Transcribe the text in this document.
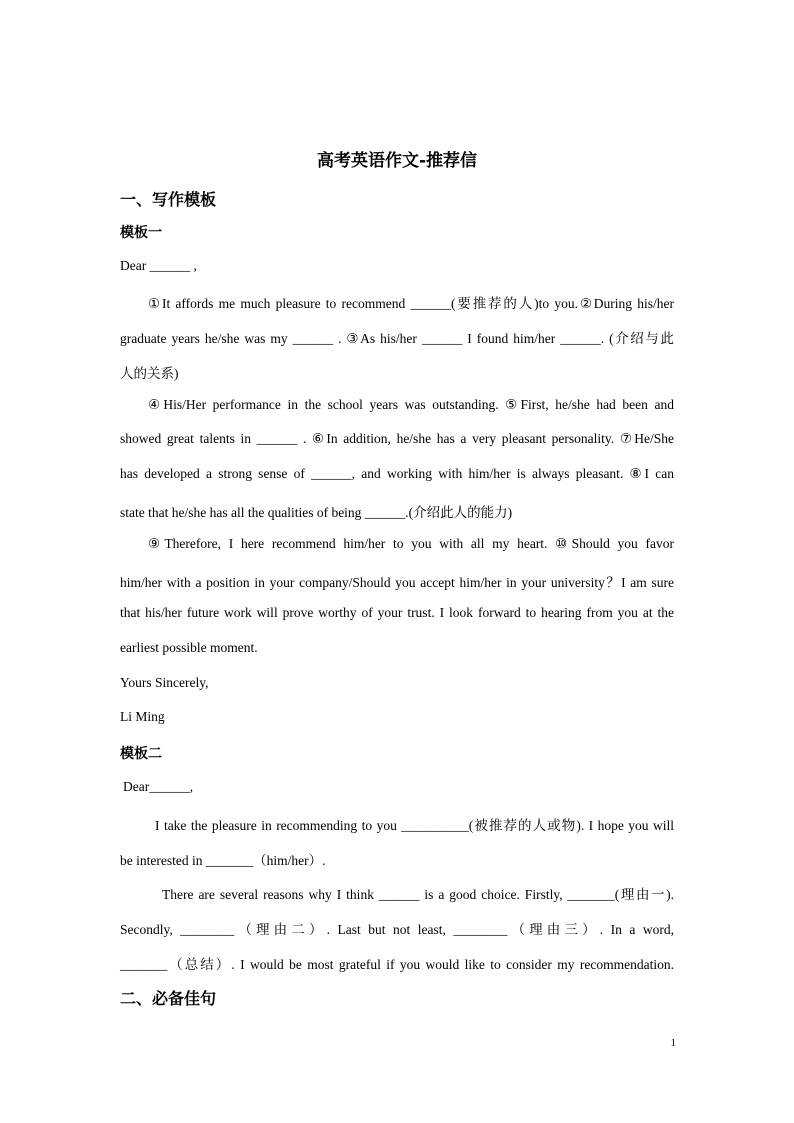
高考英语作文-推荐信
一、写作模板
模板一
Dear ______ ,
①It affords me much pleasure to recommend ______(要推荐的人)to you.②During his/her
graduate years he/she was my ______ . ③As his/her ______ I found him/her ______. (介绍与此
人的关系)
④His/Her performance in the school years was outstanding. ⑤First, he/she had been and
showed great talents in ______ . ⑥In addition, he/she has a very pleasant personality. ⑦He/She
has developed a strong sense of ______, and working with him/her is always pleasant. ⑧I can
state that he/she has all the qualities of being ______.(介绍此人的能力)
⑨Therefore, I here recommend him/her to you with all my heart. ⑩Should you favor
him/her with a position in your company/Should you accept him/her in your university？I am sure
that his/her future work will prove worthy of your trust. I look forward to hearing from you at the
earliest possible moment.
Yours Sincerely,
Li Ming
模板二
Dear______,
I take the pleasure in recommending to you __________(被推荐的人或物). I hope you will
be interested in _______（him/her）.
There are several reasons why I think ______ is a good choice. Firstly, _______(理由一).
Secondly, ________（理由二）. Last but not least, ________（理由三）. In a word,
_______（总结）. I would be most grateful if you would like to consider my recommendation.
二、必备佳句
1
